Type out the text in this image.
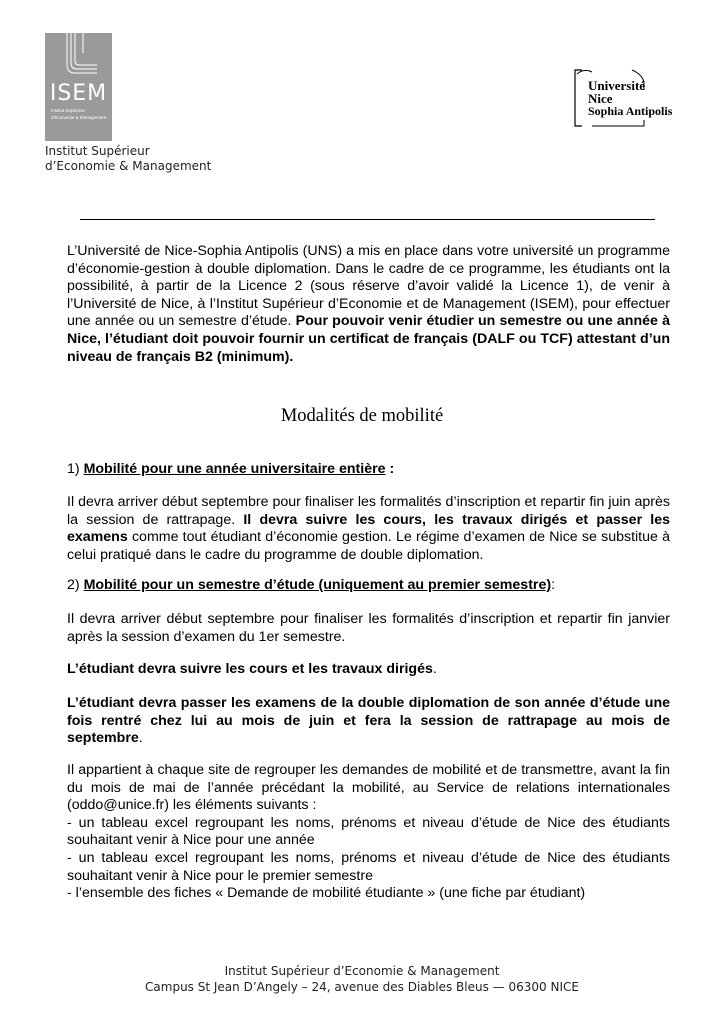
ISEM
Institut Supérieur
d'Economie & Management
Institut Supérieur
d’Economie & Management
Université
Nice
Sophia Antipolis
L’Université de Nice-Sophia Antipolis (UNS) a mis en place dans votre université un programme d’économie-gestion à double diplomation. Dans le cadre de ce programme, les étudiants ont la possibilité, à partir de la Licence 2 (sous réserve d’avoir validé la Licence 1), de venir à l’Université de Nice, à l’Institut Supérieur d’Economie et de Management (ISEM), pour effectuer une année ou un semestre d’étude. Pour pouvoir venir étudier un semestre ou une année à Nice, l’étudiant doit pouvoir fournir un certificat de français (DALF ou TCF) attestant d’un niveau de français B2 (minimum).
Modalités de mobilité
1) Mobilité pour une année universitaire entière :
Il devra arriver début septembre pour finaliser les formalités d’inscription et repartir fin juin après la session de rattrapage. Il devra suivre les cours, les travaux dirigés et passer les examens comme tout étudiant d’économie gestion. Le régime d’examen de Nice se substitue à celui pratiqué dans le cadre du programme de double diplomation.
2) Mobilité pour un semestre d’étude (uniquement au premier semestre):
Il devra arriver début septembre pour finaliser les formalités d’inscription et repartir fin janvier après la session d’examen du 1er semestre.
L’étudiant devra suivre les cours et les travaux dirigés.
L’étudiant devra passer les examens de la double diplomation de son année d’étude une fois rentré chez lui au mois de juin et fera la session de rattrapage au mois de septembre.
Il appartient à chaque site de regrouper les demandes de mobilité et de transmettre, avant la fin du mois de mai de l’année précédant la mobilité, au Service de relations internationales (oddo@unice.fr) les éléments suivants :
- un tableau excel regroupant les noms, prénoms et niveau d’étude de Nice des étudiants souhaitant venir à Nice pour une année
- un tableau excel regroupant les noms, prénoms et niveau d’étude de Nice des étudiants souhaitant venir à Nice pour le premier semestre
- l’ensemble des fiches « Demande de mobilité étudiante » (une fiche par étudiant)
Institut Supérieur d’Economie & Management
Campus St Jean D’Angely – 24, avenue des Diables Bleus — 06300 NICE
